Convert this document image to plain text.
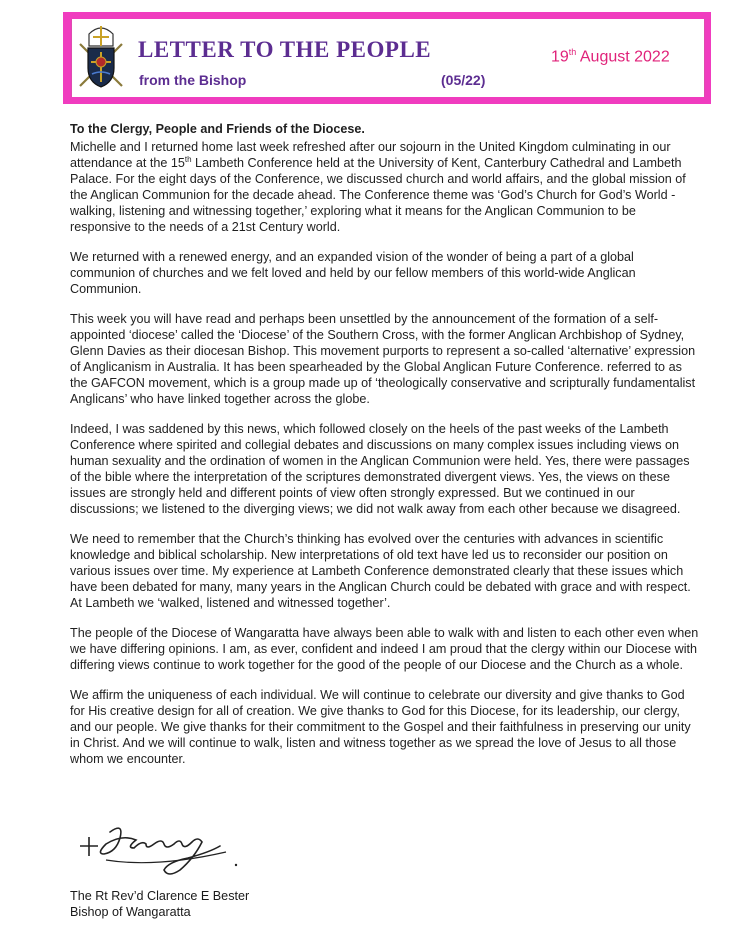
LETTER TO THE PEOPLE
from the Bishop	(05/22)
19th August 2022
To the Clergy, People and Friends of the Diocese.
Michelle and I returned home last week refreshed after our sojourn in the United Kingdom culminating in our attendance at the 15th Lambeth Conference held at the University of Kent, Canterbury Cathedral and Lambeth Palace. For the eight days of the Conference, we discussed church and world affairs, and the global mission of the Anglican Communion for the decade ahead. The Conference theme was ‘God’s Church for God’s World - walking, listening and witnessing together,’ exploring what it means for the Anglican Communion to be responsive to the needs of a 21st Century world.
We returned with a renewed energy, and an expanded vision of the wonder of being a part of a global communion of churches and we felt loved and held by our fellow members of this world-wide Anglican Communion.
This week you will have read and perhaps been unsettled by the announcement of the formation of a self-appointed ‘diocese’ called the ‘Diocese’ of the Southern Cross, with the former Anglican Archbishop of Sydney, Glenn Davies as their diocesan Bishop. This movement purports to represent a so-called ‘alternative’ expression of Anglicanism in Australia. It has been spearheaded by the Global Anglican Future Conference. referred to as the GAFCON movement, which is a group made up of ‘theologically conservative and scripturally fundamentalist Anglicans’ who have linked together across the globe.
Indeed, I was saddened by this news, which followed closely on the heels of the past weeks of the Lambeth Conference where spirited and collegial debates and discussions on many complex issues including views on human sexuality and the ordination of women in the Anglican Communion were held. Yes, there were passages of the bible where the interpretation of the scriptures demonstrated divergent views. Yes, the views on these issues are strongly held and different points of view often strongly expressed. But we continued in our discussions; we listened to the diverging views; we did not walk away from each other because we disagreed.
We need to remember that the Church’s thinking has evolved over the centuries with advances in scientific knowledge and biblical scholarship. New interpretations of old text have led us to reconsider our position on various issues over time. My experience at Lambeth Conference demonstrated clearly that these issues which have been debated for many, many years in the Anglican Church could be debated with grace and with respect. At Lambeth we ‘walked, listened and witnessed together’.
The people of the Diocese of Wangaratta have always been able to walk with and listen to each other even when we have differing opinions. I am, as ever, confident and indeed I am proud that the clergy within our Diocese with differing views continue to work together for the good of the people of our Diocese and the Church as a whole.
We affirm the uniqueness of each individual. We will continue to celebrate our diversity and give thanks to God for His creative design for all of creation. We give thanks to God for this Diocese, for its leadership, our clergy, and our people. We give thanks for their commitment to the Gospel and their faithfulness in preserving our unity in Christ. And we will continue to walk, listen and witness together as we spread the love of Jesus to all those whom we encounter.
The Rt Rev’d Clarence E Bester
Bishop of Wangaratta
